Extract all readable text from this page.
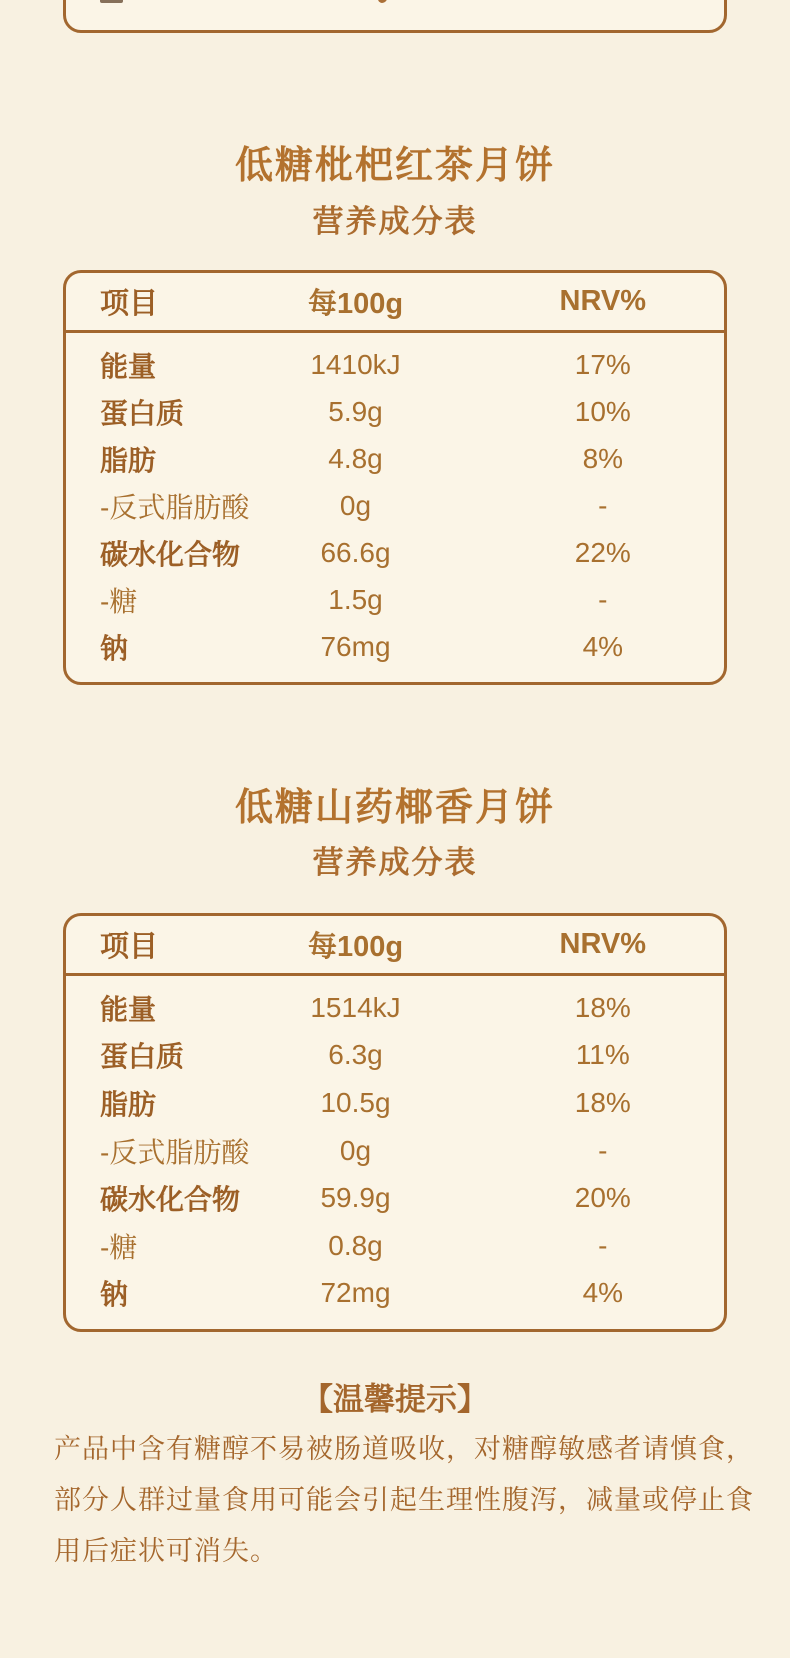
低糖枇杷红茶月饼
营养成分表
项目	每100g	NRV%
能量	1410kJ	17%
蛋白质	5.9g	10%
脂肪	4.8g	8%
-反式脂肪酸	0g	-
碳水化合物	66.6g	22%
-糖	1.5g	-
钠	76mg	4%
低糖山药椰香月饼
营养成分表
项目	每100g	NRV%
能量	1514kJ	18%
蛋白质	6.3g	11%
脂肪	10.5g	18%
-反式脂肪酸	0g	-
碳水化合物	59.9g	20%
-糖	0.8g	-
钠	72mg	4%
【温馨提示】
产品中含有糖醇不易被肠道吸收，对糖醇敏感者请慎食，
部分人群过量食用可能会引起生理性腹泻，减量或停止食
用后症状可消失。
